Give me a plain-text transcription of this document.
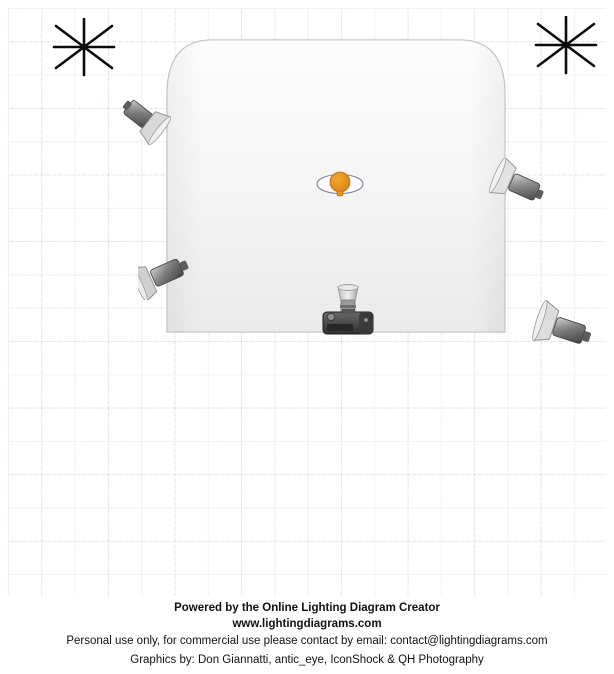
Powered by the Online Lighting Diagram Creator
www.lightingdiagrams.com
Personal use only, for commercial use please contact by email: contact@lightingdiagrams.com
Graphics by: Don Giannatti, antic_eye, IconShock & QH Photography
